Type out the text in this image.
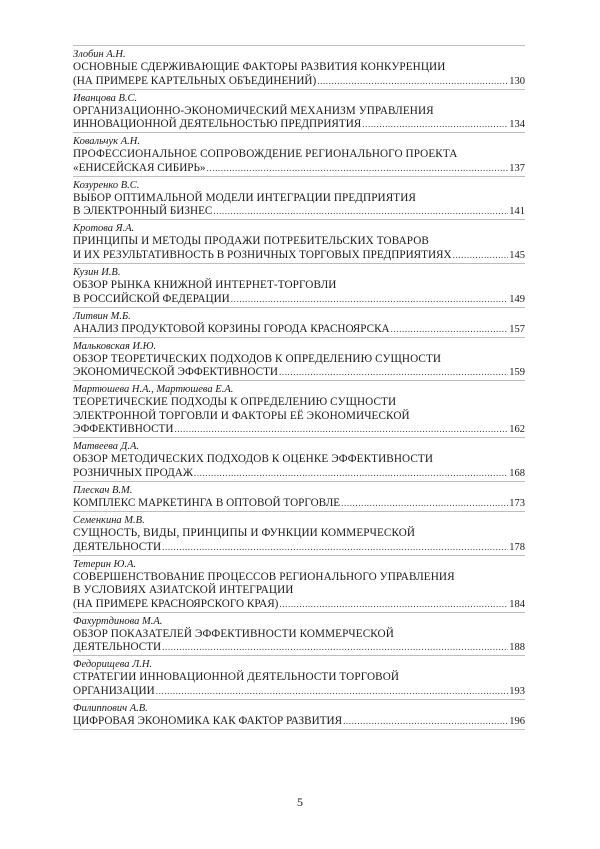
Злобин А.Н.
ОСНОВНЫЕ СДЕРЖИВАЮЩИЕ ФАКТОРЫ РАЗВИТИЯ КОНКУРЕНЦИИ
(НА ПРИМЕРЕ КАРТЕЛЬНЫХ ОБЪЕДИНЕНИЙ) .....	130
Иванцова В.С.
ОРГАНИЗАЦИОННО-ЭКОНОМИЧЕСКИЙ МЕХАНИЗМ УПРАВЛЕНИЯ
ИННОВАЦИОННОЙ ДЕЯТЕЛЬНОСТЬЮ ПРЕДПРИЯТИЯ .....	134
Ковальчук А.Н.
ПРОФЕССИОНАЛЬНОЕ СОПРОВОЖДЕНИЕ РЕГИОНАЛЬНОГО ПРОЕКТА
«ЕНИСЕЙСКАЯ СИБИРЬ» .....	137
Козуренко В.С.
ВЫБОР ОПТИМАЛЬНОЙ МОДЕЛИ ИНТЕГРАЦИИ ПРЕДПРИЯТИЯ
В ЭЛЕКТРОННЫЙ БИЗНЕС .....	141
Кротова Я.А.
ПРИНЦИПЫ И МЕТОДЫ ПРОДАЖИ ПОТРЕБИТЕЛЬСКИХ ТОВАРОВ
И ИХ РЕЗУЛЬТАТИВНОСТЬ В РОЗНИЧНЫХ ТОРГОВЫХ ПРЕДПРИЯТИЯХ .....	145
Кузин И.В.
ОБЗОР РЫНКА КНИЖНОЙ ИНТЕРНЕТ-ТОРГОВЛИ
В РОССИЙСКОЙ ФЕДЕРАЦИИ .....	149
Литвин М.Б.
АНАЛИЗ ПРОДУКТОВОЙ КОРЗИНЫ ГОРОДА КРАСНОЯРСКА .....	157
Мальковская И.Ю.
ОБЗОР ТЕОРЕТИЧЕСКИХ ПОДХОДОВ К ОПРЕДЕЛЕНИЮ СУЩНОСТИ
ЭКОНОМИЧЕСКОЙ ЭФФЕКТИВНОСТИ .....	159
Мартюшева Н.А., Мартюшева Е.А.
ТЕОРЕТИЧЕСКИЕ ПОДХОДЫ К ОПРЕДЕЛЕНИЮ СУЩНОСТИ
ЭЛЕКТРОННОЙ ТОРГОВЛИ И ФАКТОРЫ ЕЁ ЭКОНОМИЧЕСКОЙ
ЭФФЕКТИВНОСТИ .....	162
Матвеева Д.А.
ОБЗОР МЕТОДИЧЕСКИХ ПОДХОДОВ К ОЦЕНКЕ ЭФФЕКТИВНОСТИ
РОЗНИЧНЫХ ПРОДАЖ .....	168
Плескач В.М.
КОМПЛЕКС МАРКЕТИНГА В ОПТОВОЙ ТОРГОВЛЕ .....	173
Семенкина М.В.
СУЩНОСТЬ, ВИДЫ, ПРИНЦИПЫ И ФУНКЦИИ КОММЕРЧЕСКОЙ
ДЕЯТЕЛЬНОСТИ .....	178
Тетерин Ю.А.
СОВЕРШЕНСТВОВАНИЕ ПРОЦЕССОВ РЕГИОНАЛЬНОГО УПРАВЛЕНИЯ
В УСЛОВИЯХ АЗИАТСКОЙ ИНТЕГРАЦИИ
(НА ПРИМЕРЕ КРАСНОЯРСКОГО КРАЯ) .....	184
Фахуртдинова М.А.
ОБЗОР ПОКАЗАТЕЛЕЙ ЭФФЕКТИВНОСТИ КОММЕРЧЕСКОЙ
ДЕЯТЕЛЬНОСТИ .....	188
Федорищева Л.Н.
СТРАТЕГИИ ИННОВАЦИОННОЙ ДЕЯТЕЛЬНОСТИ ТОРГОВОЙ
ОРГАНИЗАЦИИ .....	193
Филиппович А.В.
ЦИФРОВАЯ ЭКОНОМИКА КАК ФАКТОР РАЗВИТИЯ .....	196
5
